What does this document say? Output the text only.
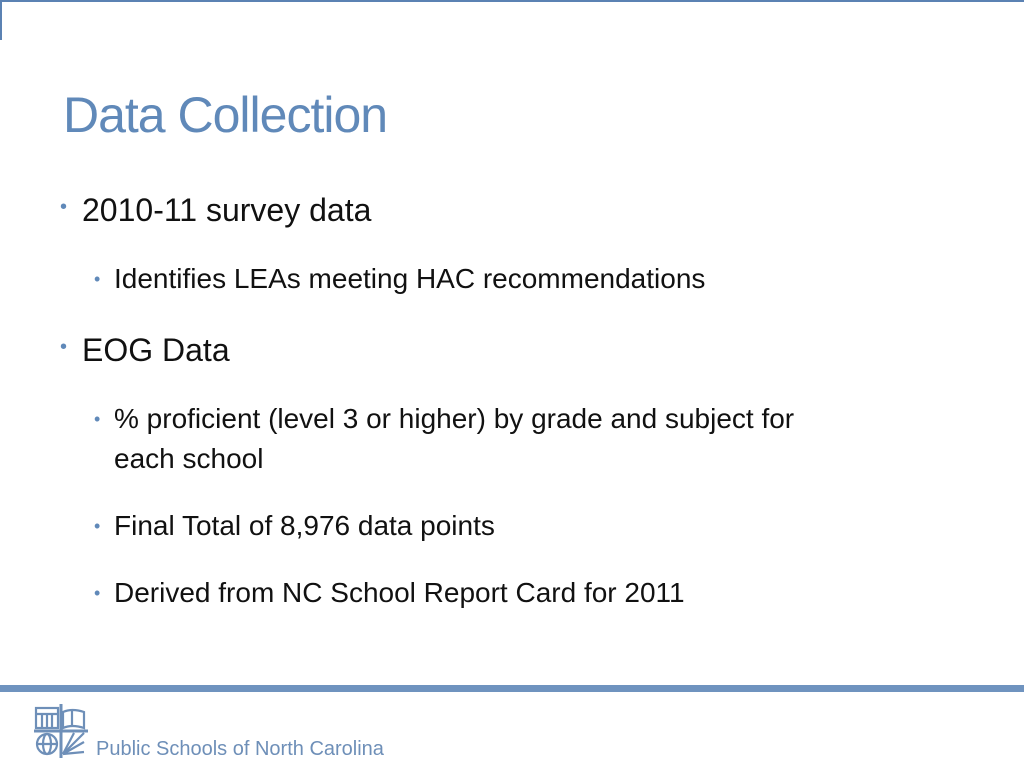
Data Collection
• 2010-11 survey data
• Identifies LEAs meeting HAC recommendations
• EOG Data
• % proficient (level 3 or higher) by grade and subject for
each school
• Final Total of 8,976 data points
• Derived from NC School Report Card for 2011
Public Schools of North Carolina
